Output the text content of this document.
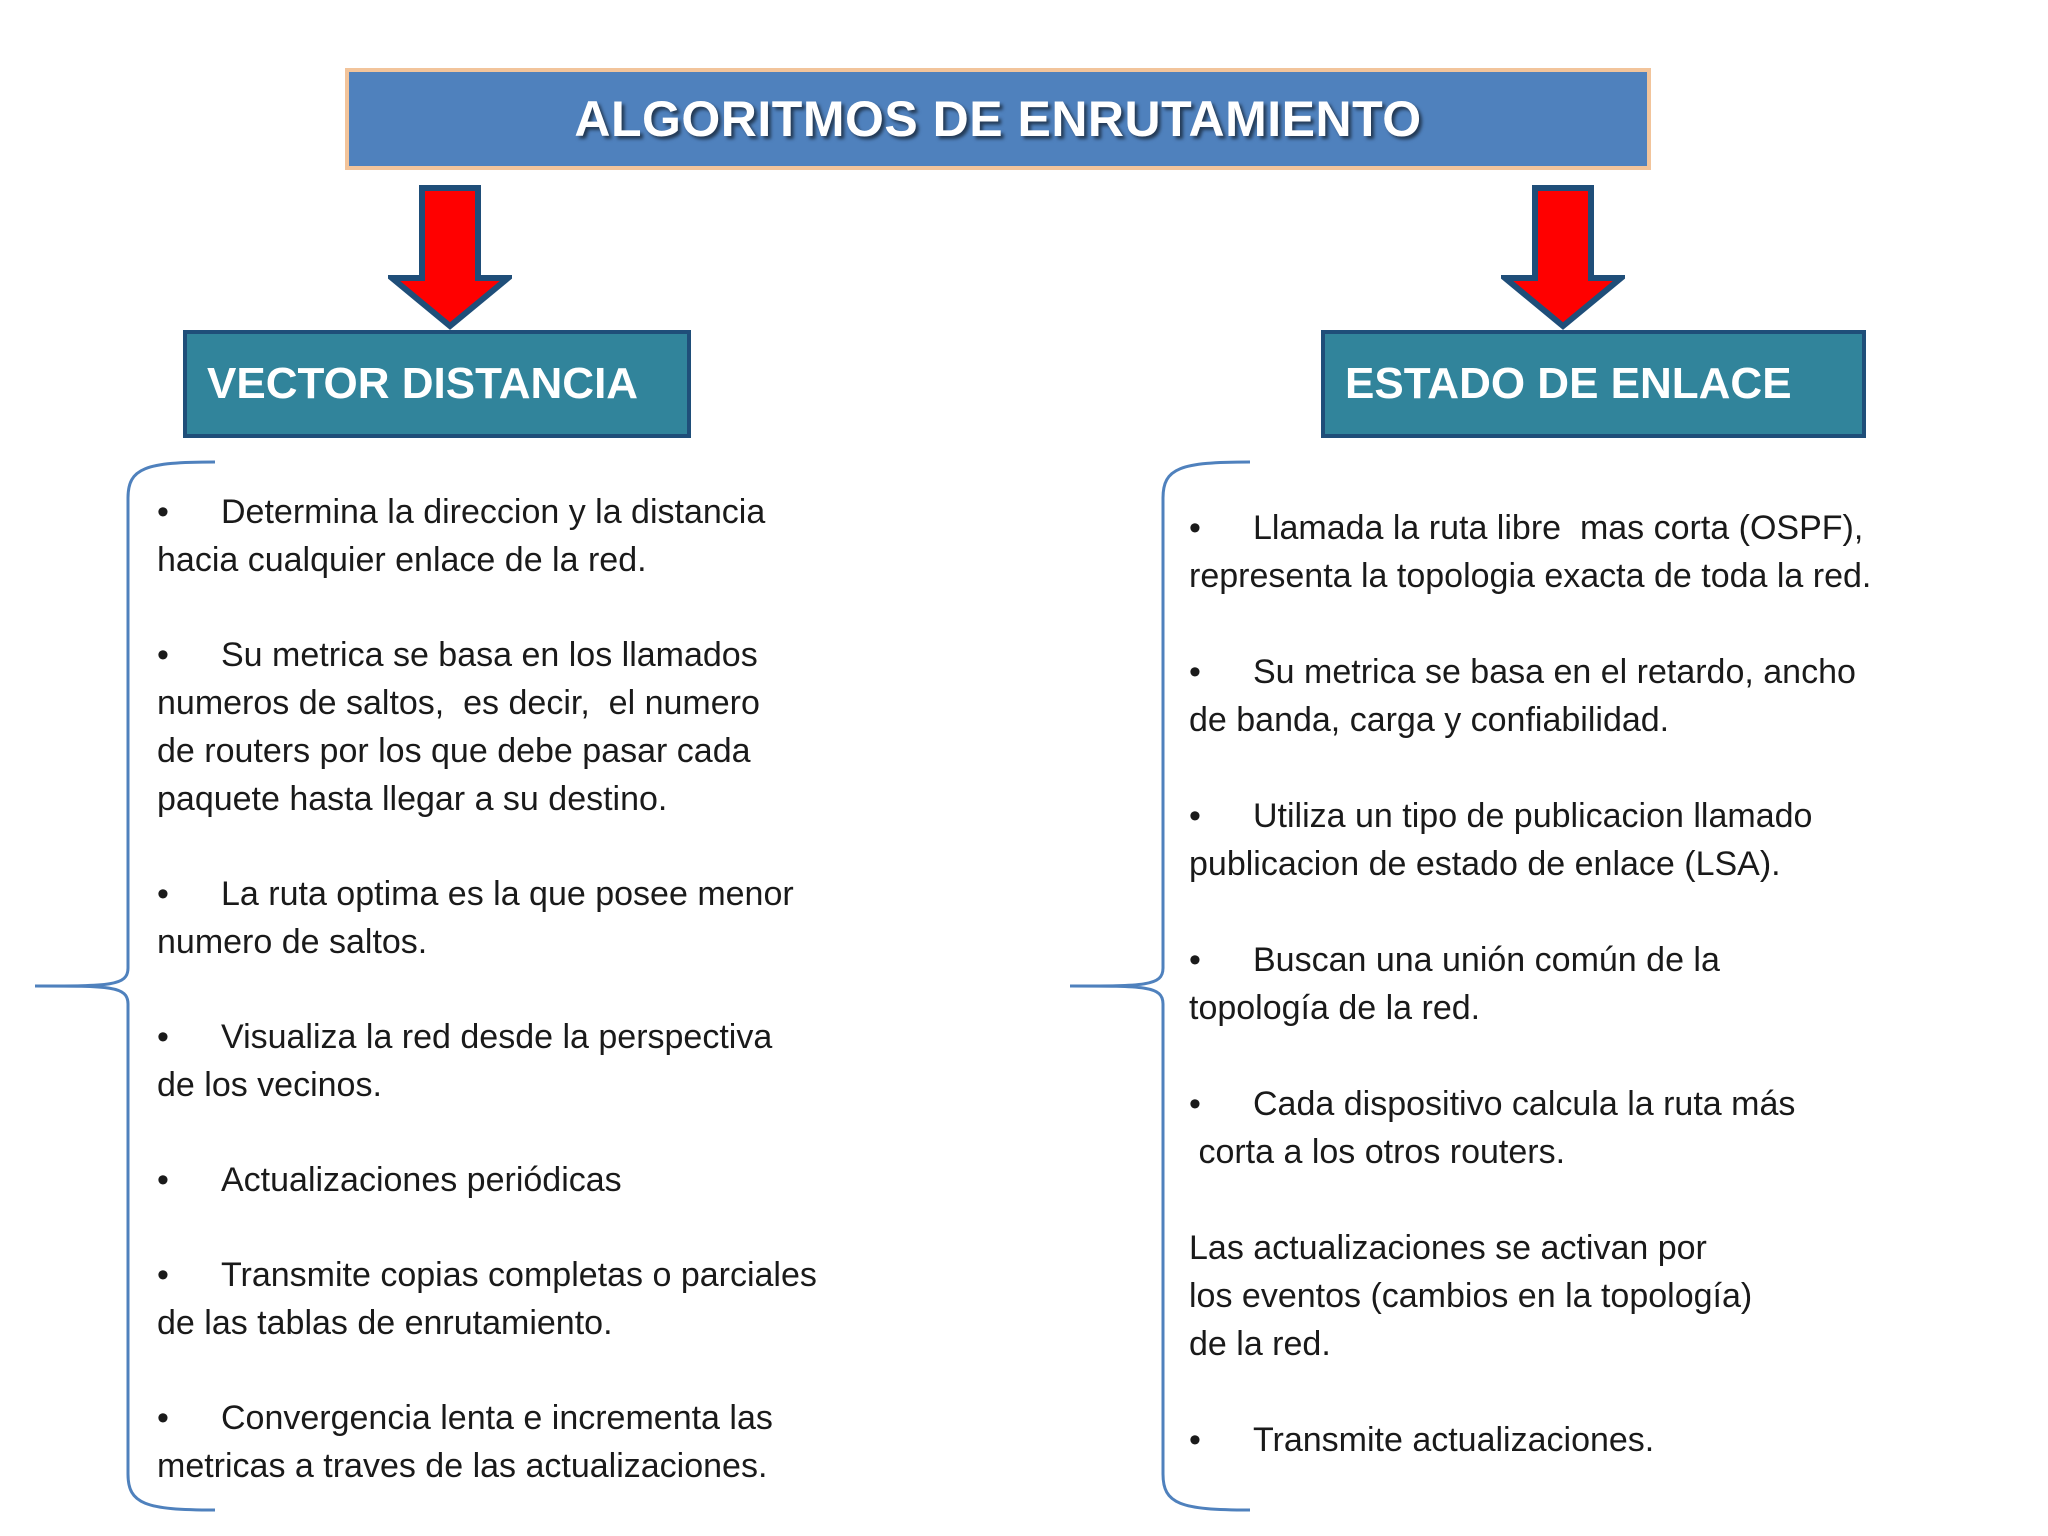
ALGORITMOS DE ENRUTAMIENTO
VECTOR DISTANCIA	ESTADO DE ENLACE
• Determina la direccion y la distancia
hacia cualquier enlace de la red.
• Su metrica se basa en los llamados
numeros de saltos,  es decir,  el numero
de routers por los que debe pasar cada
paquete hasta llegar a su destino.
• La ruta optima es la que posee menor
numero de saltos.
• Visualiza la red desde la perspectiva
de los vecinos.
• Actualizaciones periódicas
• Transmite copias completas o parciales
de las tablas de enrutamiento.
• Convergencia lenta e incrementa las
metricas a traves de las actualizaciones.
• Llamada la ruta libre  mas corta (OSPF),
representa la topologia exacta de toda la red.
• Su metrica se basa en el retardo, ancho
de banda, carga y confiabilidad.
• Utiliza un tipo de publicacion llamado
publicacion de estado de enlace (LSA).
• Buscan una unión común de la
topología de la red.
• Cada dispositivo calcula la ruta más
corta a los otros routers.
Las actualizaciones se activan por
los eventos (cambios en la topología)
de la red.
• Transmite actualizaciones.
